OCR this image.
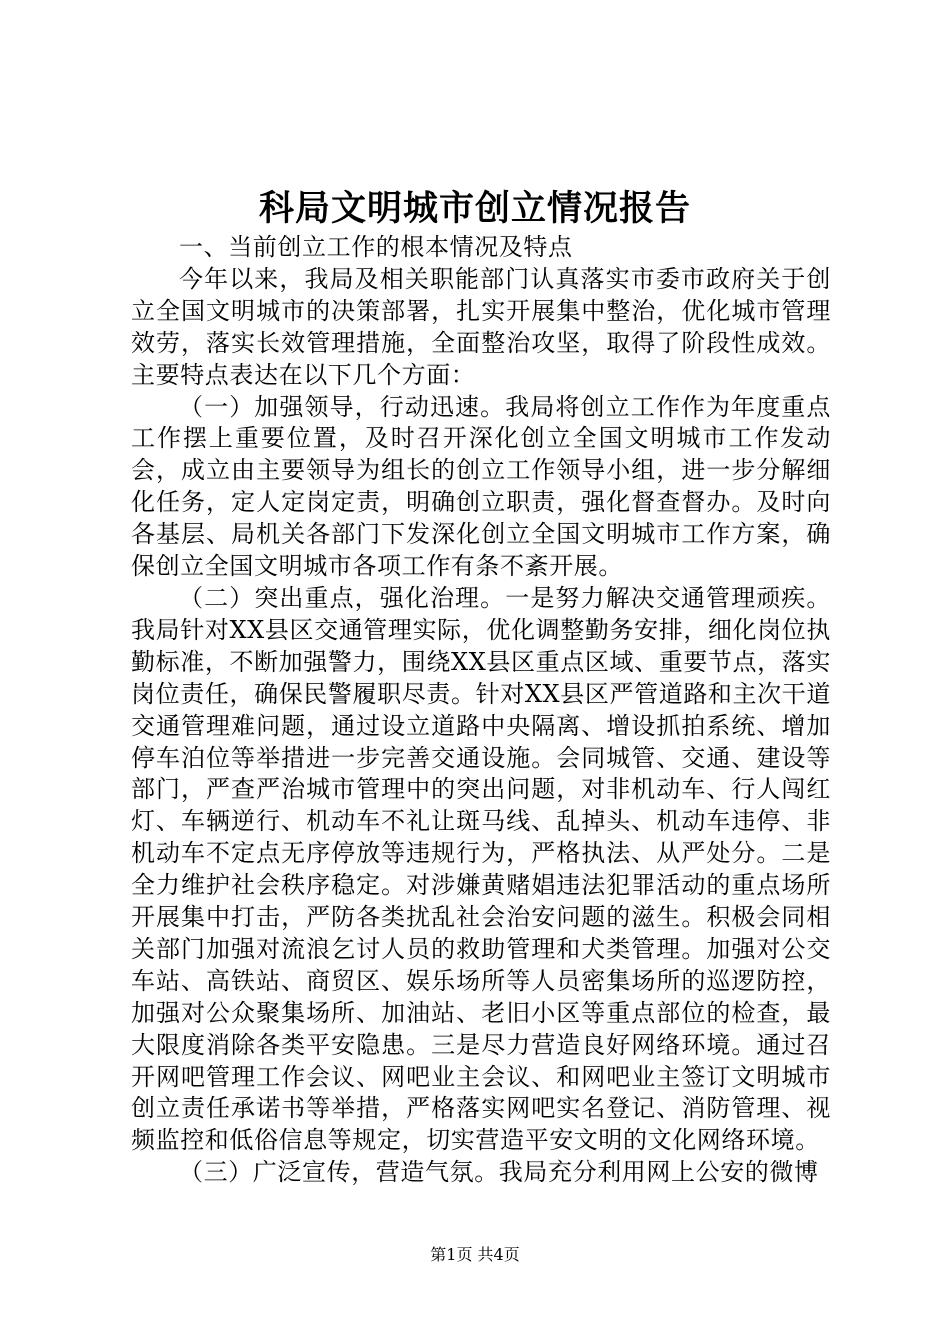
科局文明城市创立情况报告

一、当前创立工作的根本情况及特点

今年以来，我局及相关职能部门认真落实市委市政府关于创立全国文明城市的决策部署，扎实开展集中整治，优化城市管理效劳，落实长效管理措施，全面整治攻坚，取得了阶段性成效。主要特点表达在以下几个方面：

（一）加强领导，行动迅速。我局将创立工作作为年度重点工作摆上重要位置，及时召开深化创立全国文明城市工作发动会，成立由主要领导为组长的创立工作领导小组，进一步分解细化任务，定人定岗定责，明确创立职责，强化督查督办。及时向各基层、局机关各部门下发深化创立全国文明城市工作方案，确保创立全国文明城市各项工作有条不紊开展。

（二）突出重点，强化治理。一是努力解决交通管理顽疾。我局针对XX县区交通管理实际，优化调整勤务安排，细化岗位执勤标准，不断加强警力，围绕XX县区重点区域、重要节点，落实岗位责任，确保民警履职尽责。针对XX县区严管道路和主次干道交通管理难问题，通过设立道路中央隔离、增设抓拍系统、增加停车泊位等举措进一步完善交通设施。会同城管、交通、建设等部门，严查严治城市管理中的突出问题，对非机动车、行人闯红灯、车辆逆行、机动车不礼让斑马线、乱掉头、机动车违停、非机动车不定点无序停放等违规行为，严格执法、从严处分。二是全力维护社会秩序稳定。对涉嫌黄赌娼违法犯罪活动的重点场所开展集中打击，严防各类扰乱社会治安问题的滋生。积极会同相关部门加强对流浪乞讨人员的救助管理和犬类管理。加强对公交车站、高铁站、商贸区、娱乐场所等人员密集场所的巡逻防控，加强对公众聚集场所、加油站、老旧小区等重点部位的检查，最大限度消除各类平安隐患。三是尽力营造良好网络环境。通过召开网吧管理工作会议、网吧业主会议、和网吧业主签订文明城市创立责任承诺书等举措，严格落实网吧实名登记、消防管理、视频监控和低俗信息等规定，切实营造平安文明的文化网络环境。

（三）广泛宣传，营造气氛。我局充分利用网上公安的微博

第1页 共4页
